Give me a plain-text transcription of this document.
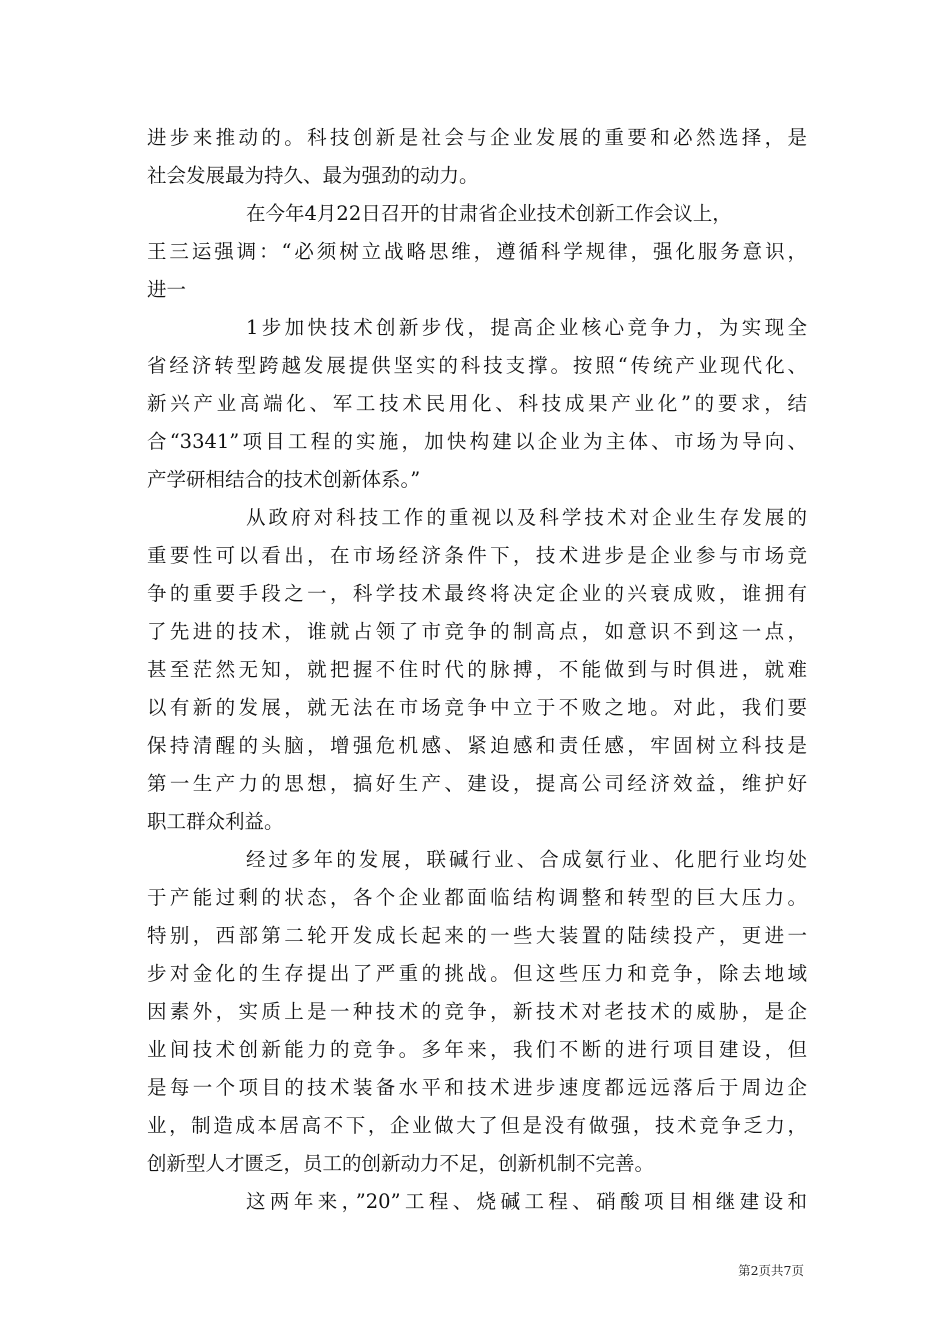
进步来推动的。科技创新是社会与企业发展的重要和必然选择，是
社会发展最为持久、最为强劲的动力。
在今年4月22日召开的甘肃省企业技术创新工作会议上，
王三运强调：“必须树立战略思维，遵循科学规律，强化服务意识，
进一
1步加快技术创新步伐，提高企业核心竞争力，为实现全
省经济转型跨越发展提供坚实的科技支撑。按照“传统产业现代化、
新兴产业高端化、军工技术民用化、科技成果产业化”的要求，结
合“3341”项目工程的实施，加快构建以企业为主体、市场为导向、
产学研相结合的技术创新体系。”
从政府对科技工作的重视以及科学技术对企业生存发展的
重要性可以看出，在市场经济条件下，技术进步是企业参与市场竞
争的重要手段之一，科学技术最终将决定企业的兴衰成败，谁拥有
了先进的技术，谁就占领了市竞争的制高点，如意识不到这一点，
甚至茫然无知，就把握不住时代的脉搏，不能做到与时俱进，就难
以有新的发展，就无法在市场竞争中立于不败之地。对此，我们要
保持清醒的头脑，增强危机感、紧迫感和责任感，牢固树立科技是
第一生产力的思想，搞好生产、建设，提高公司经济效益，维护好
职工群众利益。
经过多年的发展，联碱行业、合成氨行业、化肥行业均处
于产能过剩的状态，各个企业都面临结构调整和转型的巨大压力。
特别，西部第二轮开发成长起来的一些大装置的陆续投产，更进一
步对金化的生存提出了严重的挑战。但这些压力和竞争，除去地域
因素外，实质上是一种技术的竞争，新技术对老技术的威胁，是企
业间技术创新能力的竞争。多年来，我们不断的进行项目建设，但
是每一个项目的技术装备水平和技术进步速度都远远落后于周边企
业，制造成本居高不下，企业做大了但是没有做强，技术竞争乏力，
创新型人才匮乏，员工的创新动力不足，创新机制不完善。
这两年来，”20”工程、烧碱工程、硝酸项目相继建设和
第2页共7页
